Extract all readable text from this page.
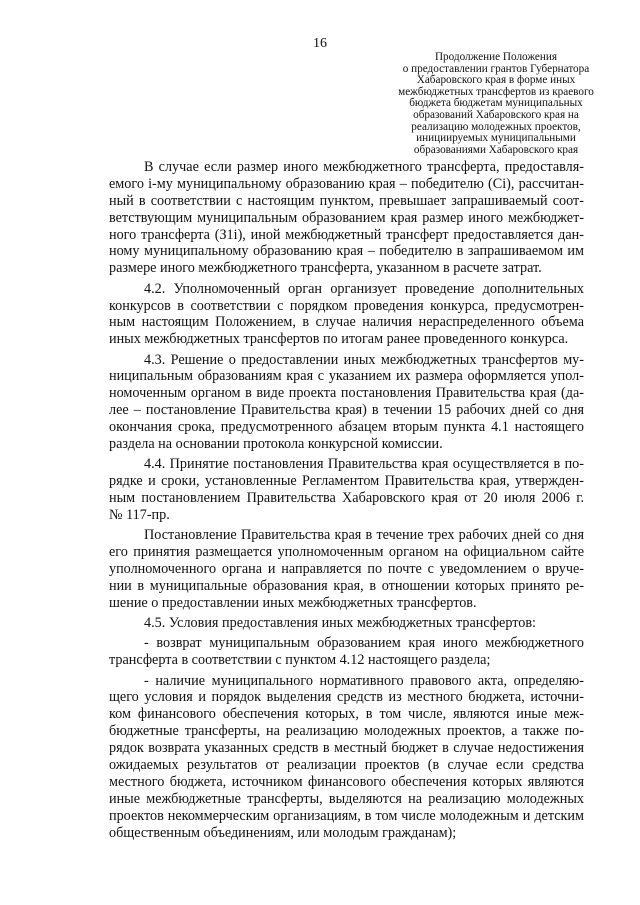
16
Продолжение Положения
о предоставлении грантов Губернатора
Хабаровского края в форме иных
межбюджетных трансфертов из краевого
бюджета бюджетам муниципальных
образований Хабаровского края на
реализацию молодежных проектов,
инициируемых муниципальными
образованиями Хабаровского края
В случае если размер иного межбюджетного трансферта, предоставля-
емого i-му муниципальному образованию края – победителю (Ci), рассчитан-
ный в соответствии с настоящим пунктом, превышает запрашиваемый соот-
ветствующим муниципальным образованием края размер иного межбюджет-
ного трансферта (З1i), иной межбюджетный трансферт предоставляется дан-
ному муниципальному образованию края – победителю в запрашиваемом им
размере иного межбюджетного трансферта, указанном в расчете затрат.
4.2. Уполномоченный орган организует проведение дополнительных
конкурсов в соответствии с порядком проведения конкурса, предусмотрен-
ным настоящим Положением, в случае наличия нераспределенного объема
иных межбюджетных трансфертов по итогам ранее проведенного конкурса.
4.3. Решение о предоставлении иных межбюджетных трансфертов му-
ниципальным образованиям края с указанием их размера оформляется упол-
номоченным органом в виде проекта постановления Правительства края (да-
лее – постановление Правительства края) в течении 15 рабочих дней со дня
окончания срока, предусмотренного абзацем вторым пункта 4.1 настоящего
раздела на основании протокола конкурсной комиссии.
4.4. Принятие постановления Правительства края осуществляется в по-
рядке и сроки, установленные Регламентом Правительства края, утвержден-
ным постановлением Правительства Хабаровского края от 20 июля 2006 г.
№ 117-пр.
Постановление Правительства края в течение трех рабочих дней со дня
его принятия размещается уполномоченным органом на официальном сайте
уполномоченного органа и направляется по почте с уведомлением о вруче-
нии в муниципальные образования края, в отношении которых принято ре-
шение о предоставлении иных межбюджетных трансфертов.
4.5. Условия предоставления иных межбюджетных трансфертов:
- возврат муниципальным образованием края иного межбюджетного
трансферта в соответствии с пунктом 4.12 настоящего раздела;
- наличие муниципального нормативного правового акта, определяю-
щего условия и порядок выделения средств из местного бюджета, источни-
ком финансового обеспечения которых, в том числе, являются иные меж-
бюджетные трансферты, на реализацию молодежных проектов, а также по-
рядок возврата указанных средств в местный бюджет в случае недостижения
ожидаемых результатов от реализации проектов (в случае если средства
местного бюджета, источником финансового обеспечения которых являются
иные межбюджетные трансферты, выделяются на реализацию молодежных
проектов некоммерческим организациям, в том числе молодежным и детским
общественным объединениям, или молодым гражданам);
